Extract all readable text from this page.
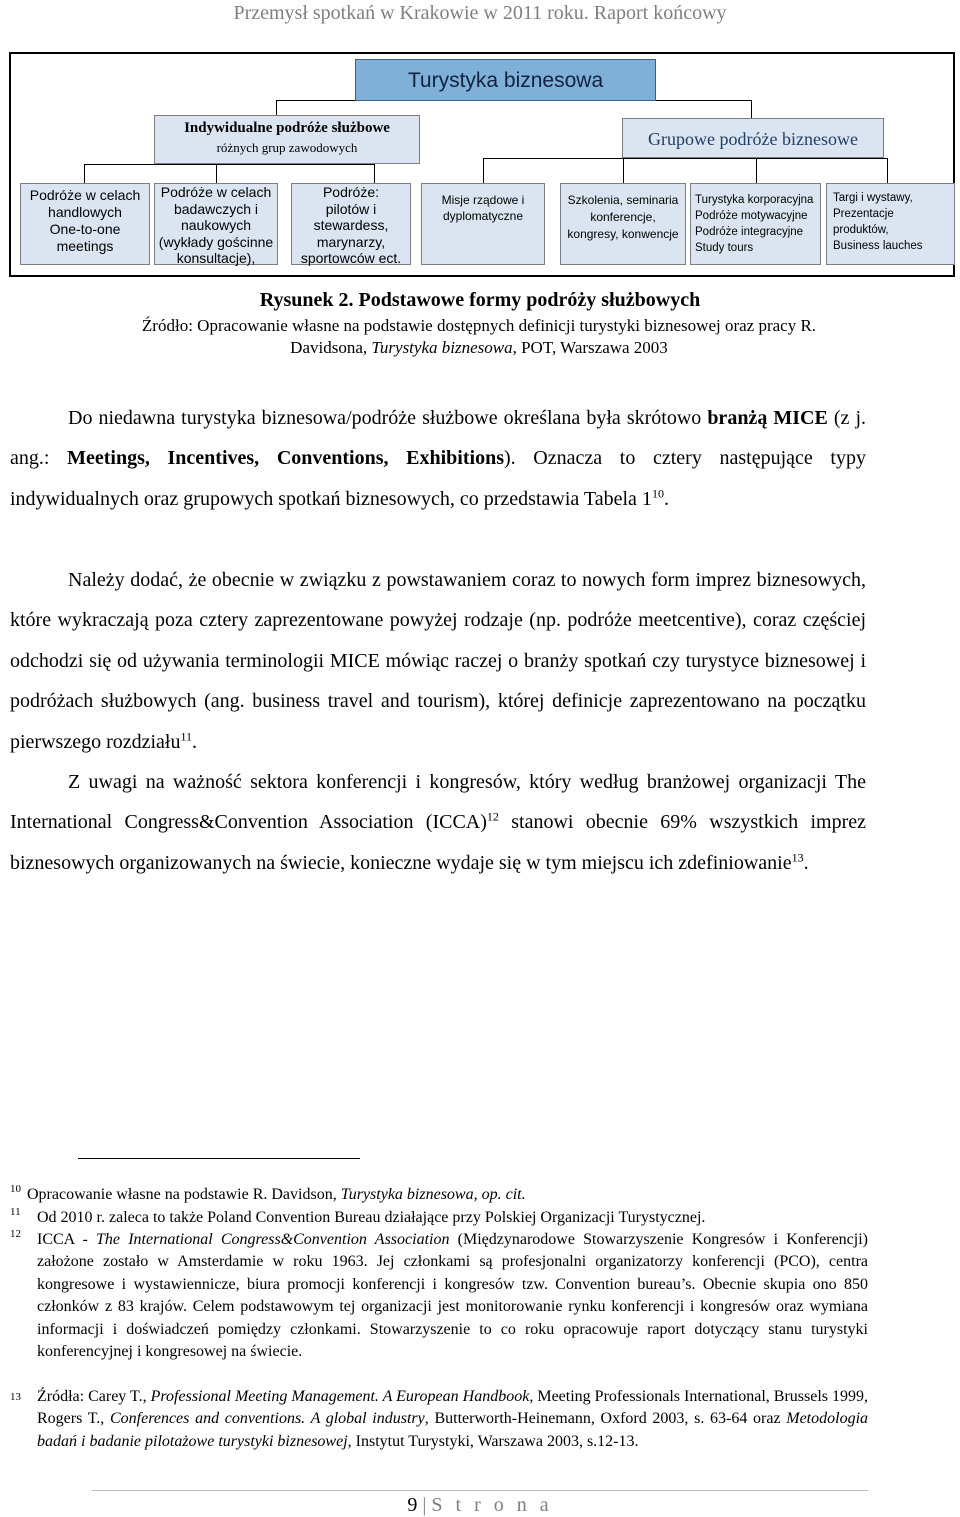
Przemysł spotkań w Krakowie w 2011 roku. Raport końcowy
Turystyka biznesowa
Indywidualne podróże służbowe
różnych grup zawodowych	Grupowe podróże biznesowe
Podróże w celach
handlowych
One-to-one
meetings
Podróże w celach
badawczych i
naukowych
(wykłady gościnne
konsultacje),
Podróże:
pilotów i
stewardess,
marynarzy,
sportowców ect.
Misje rządowe i
dyplomatyczne
Szkolenia, seminaria
konferencje,
kongresy, konwencje
Turystyka korporacyjna
Podróże motywacyjne
Podróże integracyjne
Study tours
Targi i wystawy,
Prezentacje
produktów,
Business lauches
Rysunek 2. Podstawowe formy podróży służbowych
Źródło: Opracowanie własne na podstawie dostępnych definicji turystyki biznesowej oraz pracy R.
Davidsona, Turystyka biznesowa, POT, Warszawa 2003
Do niedawna turystyka biznesowa/podróże służbowe określana była skrótowo branżą MICE (z j. ang.: Meetings, Incentives, Conventions, Exhibitions). Oznacza to cztery następujące typy indywidualnych oraz grupowych spotkań biznesowych, co przedstawia Tabela $1^{10}$.
Należy dodać, że obecnie w związku z powstawaniem coraz to nowych form imprez biznesowych, które wykraczają poza cztery zaprezentowane powyżej rodzaje (np. podróże meetcentive), coraz częściej odchodzi się od używania terminologii MICE mówiąc raczej o branży spotkań czy turystyce biznesowej i podróżach służbowych (ang. business travel and tourism), której definicje zaprezentowano na początku pierwszego rozdziału$^{11}$.
Z uwagi na ważność sektora konferencji i kongresów, który według branżowej organizacji The International Congress&Convention Association (ICCA)$^{12}$ stanowi obecnie 69% wszystkich imprez biznesowych organizowanych na świecie, konieczne wydaje się w tym miejscu ich zdefiniowanie$^{13}$.
10 Opracowanie własne na podstawie R. Davidson, Turystyka biznesowa, op. cit.
11 Od 2010 r. zaleca to także Poland Convention Bureau działające przy Polskiej Organizacji Turystycznej.
12 ICCA - The International Congress&Convention Association (Międzynarodowe Stowarzyszenie Kongresów i Konferencji) założone zostało w Amsterdamie w roku 1963. Jej członkami są profesjonalni organizatorzy konferencji (PCO), centra kongresowe i wystawiennicze, biura promocji konferencji i kongresów tzw. Convention bureau’s. Obecnie skupia ono 850 członków z 83 krajów. Celem podstawowym tej organizacji jest monitorowanie rynku konferencji i kongresów oraz wymiana informacji i doświadczeń pomiędzy członkami. Stowarzyszenie to co roku opracowuje raport dotyczący stanu turystyki konferencyjnej i kongresowej na świecie.
13 Źródła: Carey T., Professional Meeting Management. A European Handbook, Meeting Professionals International, Brussels 1999, Rogers T., Conferences and conventions. A global industry, Butterworth-Heinemann, Oxford 2003, s. 63-64 oraz Metodologia badań i badanie pilotażowe turystyki biznesowej, Instytut Turystyki, Warszawa 2003, s.12-13.
9 | S t r o n a
